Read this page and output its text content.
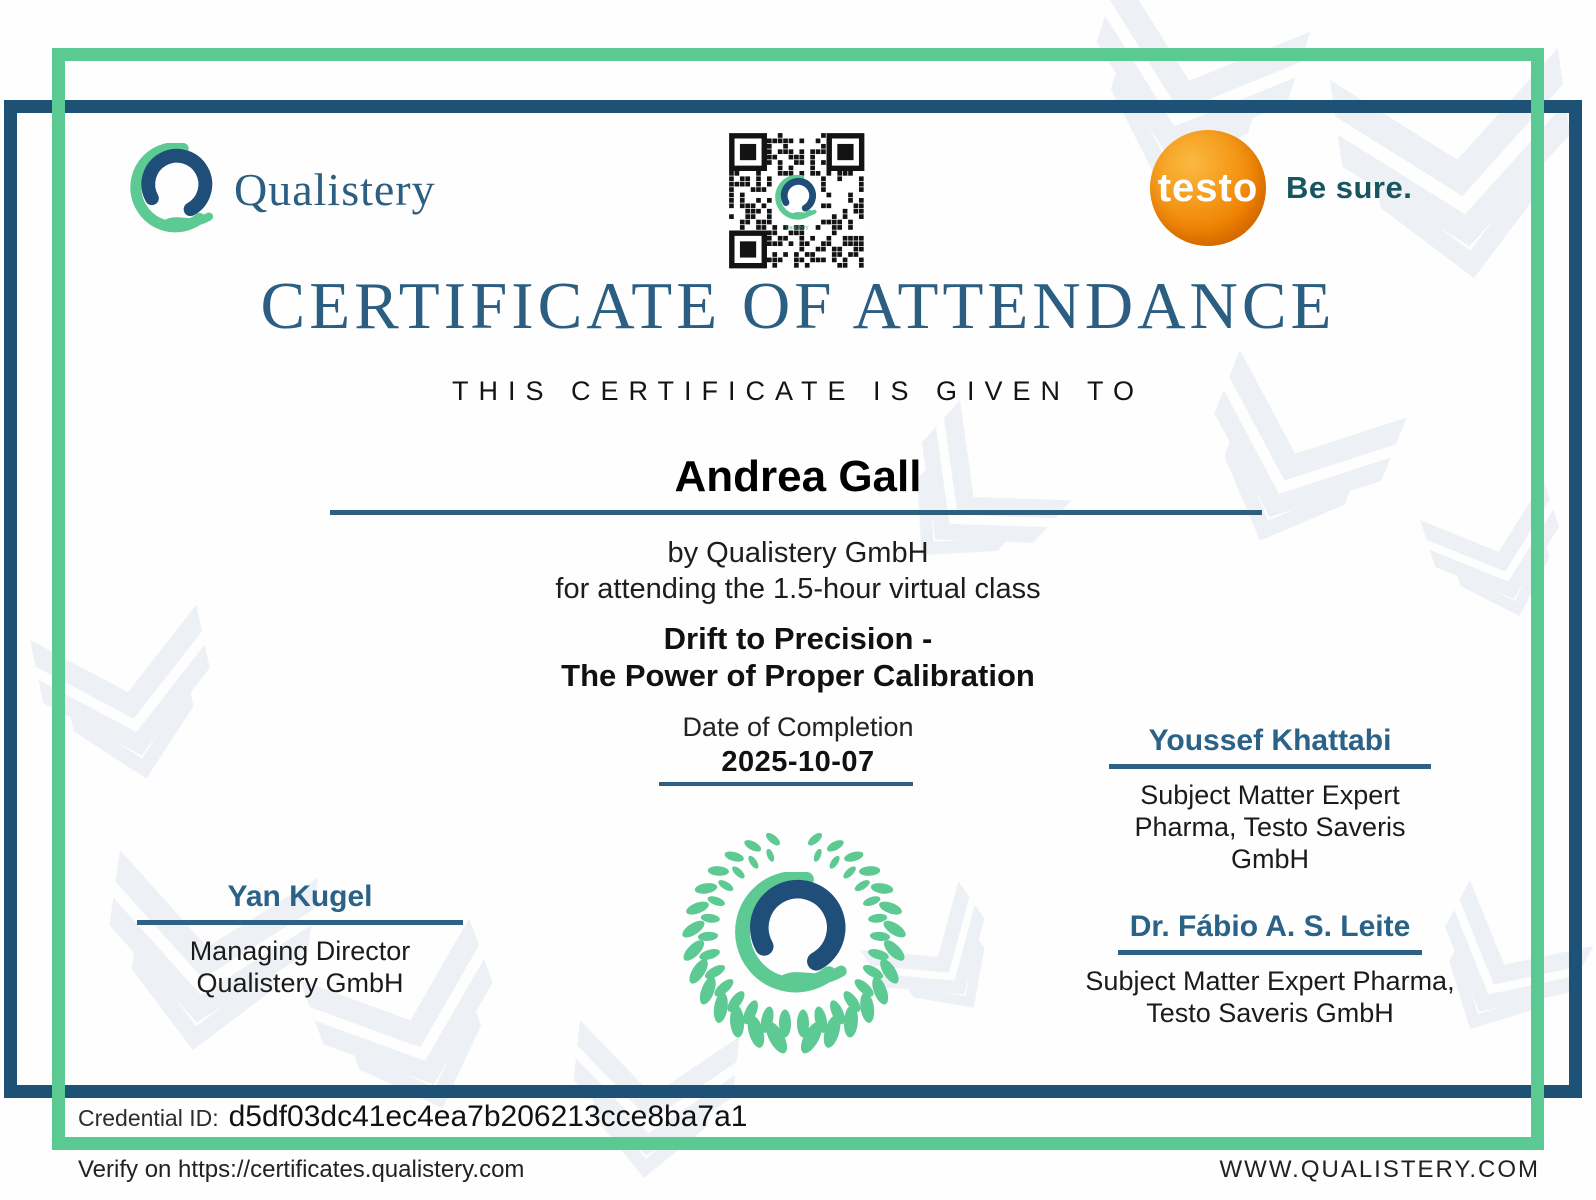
Qualistery
Qualistery
testo Be sure.
CERTIFICATE OF ATTENDANCE
THIS CERTIFICATE IS GIVEN TO
Andrea Gall
by Qualistery GmbH
for attending the 1.5-hour virtual class
Drift to Precision -
The Power of Proper Calibration
Date of Completion
2025-10-07
Yan Kugel
Managing Director
Qualistery GmbH
Youssef Khattabi
Subject Matter Expert
Pharma, Testo Saveris
GmbH
Dr. Fábio A. S. Leite
Subject Matter Expert Pharma,
Testo Saveris GmbH
Credential ID: d5df03dc41ec4ea7b206213cce8ba7a1
Verify on https://certificates.qualistery.com	WWW.QUALISTERY.COM
